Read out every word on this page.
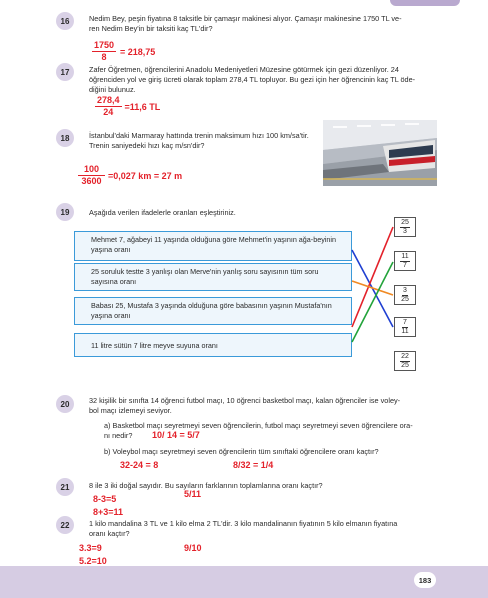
16	Nedim Bey, peşin fiyatına 8 taksitle bir çamaşır makinesi alıyor. Çamaşır makinesine 1750 TL ve-
ren Nedim Bey'in bir taksiti kaç TL'dir?
$\frac{1750}{8} = 218,75$
17	Zafer Öğretmen, öğrencilerini Anadolu Medeniyetleri Müzesine götürmek için gezi düzenliyor. 24
öğrenciden yol ve giriş ücreti olarak toplam 278,4 TL topluyor. Bu gezi için her öğrencinin kaç TL öde-
diğini bulunuz.
$\frac{278,4}{24} =11,6$ TL
18	İstanbul'daki Marmaray hattında trenin maksimum hızı 100 km/sa'tir.
Trenin saniyedeki hızı kaç m/sn'dir?
$\frac{100}{3600} =0,027$ km = 27 m
19	Aşağıda verilen ifadelerle oranları eşleştiriniz.
Mehmet 7, ağabeyi 11 yaşında olduğuna göre Mehmet'in yaşının ağa-beyinin yaşına oranı
25 soruluk testte 3 yanlışı olan Merve'nin yanlış soru sayısının tüm soru sayısına oranı
Babası 25, Mustafa 3 yaşında olduğuna göre babasının yaşının Mustafa'nın yaşına oranı
11 litre sütün 7 litre meyve suyuna oranı
$\frac{25}{3}$
$\frac{11}{7}$
$\frac{3}{25}$
$\frac{7}{11}$
$\frac{22}{25}$
20	32 kişilik bir sınıfta 14 öğrenci futbol maçı, 10 öğrenci basketbol maçı, kalan öğrenciler ise voley-
bol maçı izlemeyi seviyor.
a) Basketbol maçı seyretmeyi seven öğrencilerin, futbol maçı seyretmeyi seven öğrencilere ora-
nı nedir?	10/ 14 = 5/7
b) Voleybol maçı seyretmeyi seven öğrencilerin tüm sınıftaki öğrencilere oranı kaçtır?
32-24 = 8	8/32 = 1/4
21	8 ile 3 iki doğal sayıdır. Bu sayıların farklarının toplamlarına oranı kaçtır?
8-3=5
8+3=11
5/11
22	1 kilo mandalina 3 TL ve 1 kilo elma 2 TL'dir. 3 kilo mandalinanın fiyatının 5 kilo elmanın fiyatına
oranı kaçtır?
3.3=9
5.2=10
9/10
183
